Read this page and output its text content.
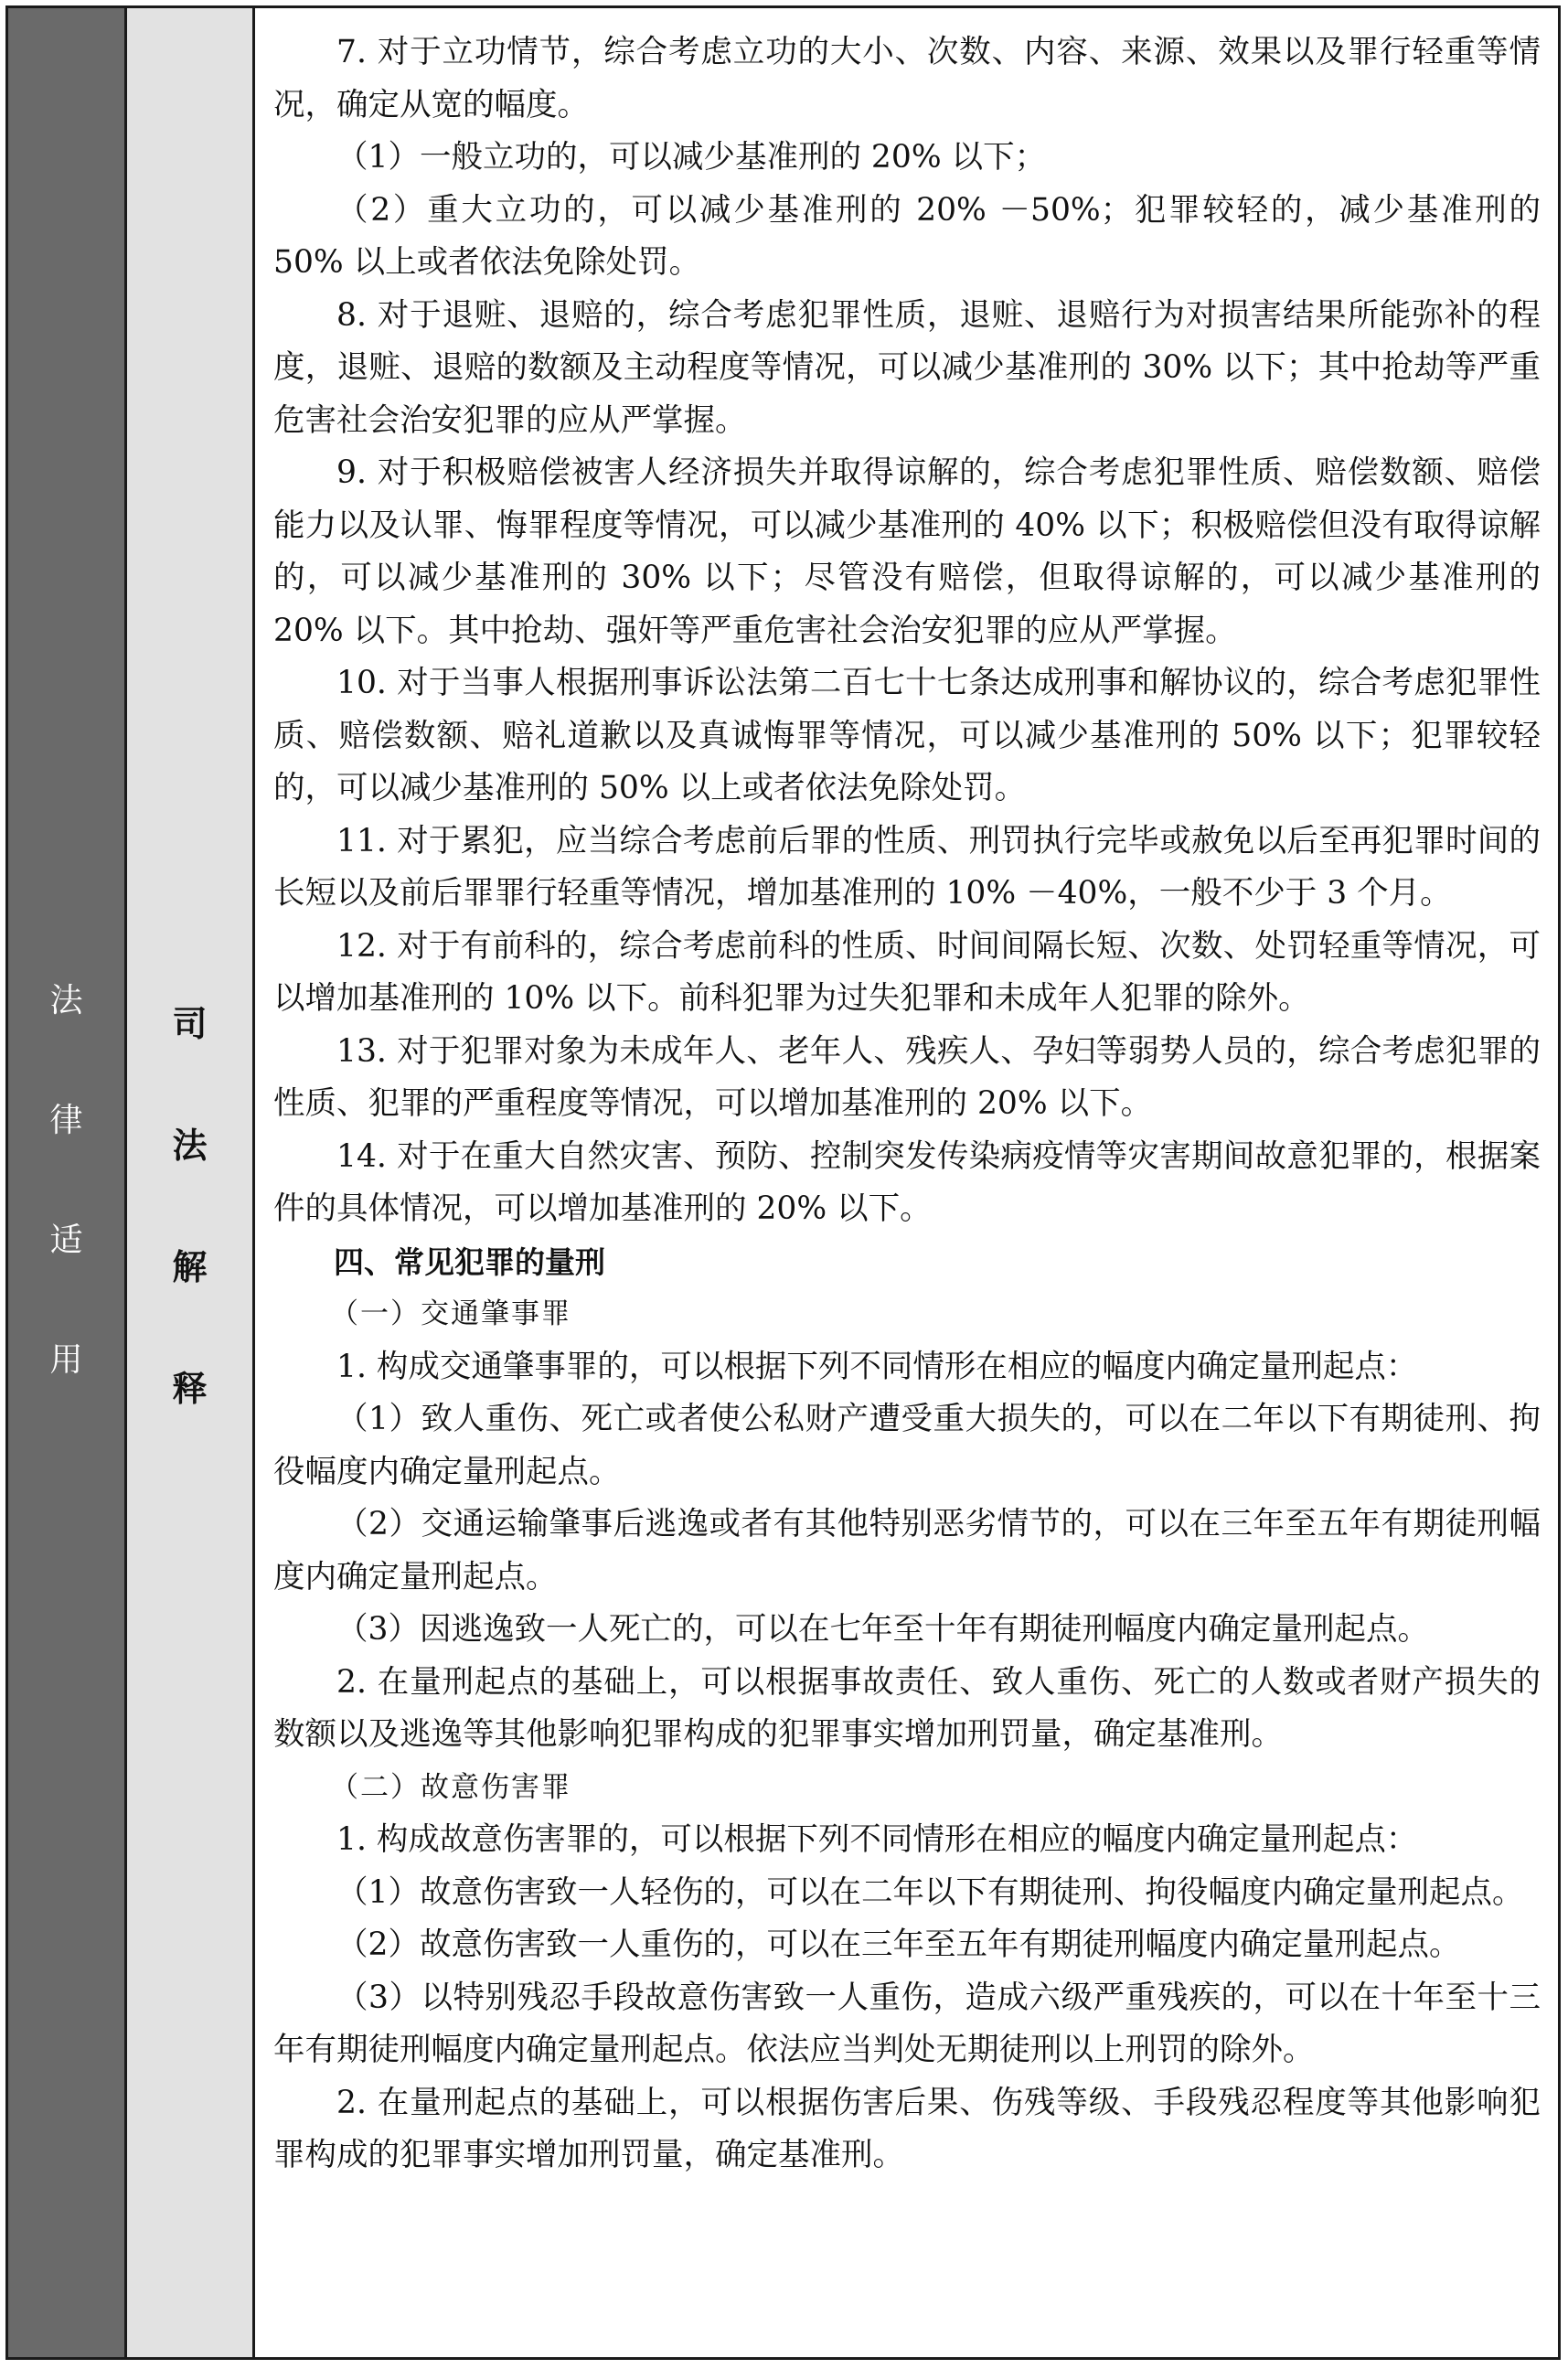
法
律
适
用
司
法
解
释

7. 对于立功情节，综合考虑立功的大小、次数、内容、来源、效果以及罪行轻重等情况，确定从宽的幅度。

（1）一般立功的，可以减少基准刑的 20% 以下；

（2）重大立功的，可以减少基准刑的 20% －50%；犯罪较轻的，减少基准刑的 50% 以上或者依法免除处罚。

8. 对于退赃、退赔的，综合考虑犯罪性质，退赃、退赔行为对损害结果所能弥补的程度，退赃、退赔的数额及主动程度等情况，可以减少基准刑的 30% 以下；其中抢劫等严重危害社会治安犯罪的应从严掌握。

9. 对于积极赔偿被害人经济损失并取得谅解的，综合考虑犯罪性质、赔偿数额、赔偿能力以及认罪、悔罪程度等情况，可以减少基准刑的 40% 以下；积极赔偿但没有取得谅解的，可以减少基准刑的 30% 以下；尽管没有赔偿，但取得谅解的，可以减少基准刑的 20% 以下。其中抢劫、强奸等严重危害社会治安犯罪的应从严掌握。

10. 对于当事人根据刑事诉讼法第二百七十七条达成刑事和解协议的，综合考虑犯罪性质、赔偿数额、赔礼道歉以及真诚悔罪等情况，可以减少基准刑的 50% 以下；犯罪较轻的，可以减少基准刑的 50% 以上或者依法免除处罚。

11. 对于累犯，应当综合考虑前后罪的性质、刑罚执行完毕或赦免以后至再犯罪时间的长短以及前后罪罪行轻重等情况，增加基准刑的 10% －40%，一般不少于 3 个月。

12. 对于有前科的，综合考虑前科的性质、时间间隔长短、次数、处罚轻重等情况，可以增加基准刑的 10% 以下。前科犯罪为过失犯罪和未成年人犯罪的除外。

13. 对于犯罪对象为未成年人、老年人、残疾人、孕妇等弱势人员的，综合考虑犯罪的性质、犯罪的严重程度等情况，可以增加基准刑的 20% 以下。

14. 对于在重大自然灾害、预防、控制突发传染病疫情等灾害期间故意犯罪的，根据案件的具体情况，可以增加基准刑的 20% 以下。

四、常见犯罪的量刑

（一）交通肇事罪

1. 构成交通肇事罪的，可以根据下列不同情形在相应的幅度内确定量刑起点：

（1）致人重伤、死亡或者使公私财产遭受重大损失的，可以在二年以下有期徒刑、拘役幅度内确定量刑起点。

（2）交通运输肇事后逃逸或者有其他特别恶劣情节的，可以在三年至五年有期徒刑幅度内确定量刑起点。

（3）因逃逸致一人死亡的，可以在七年至十年有期徒刑幅度内确定量刑起点。

2. 在量刑起点的基础上，可以根据事故责任、致人重伤、死亡的人数或者财产损失的数额以及逃逸等其他影响犯罪构成的犯罪事实增加刑罚量，确定基准刑。

（二）故意伤害罪

1. 构成故意伤害罪的，可以根据下列不同情形在相应的幅度内确定量刑起点：

（1）故意伤害致一人轻伤的，可以在二年以下有期徒刑、拘役幅度内确定量刑起点。

（2）故意伤害致一人重伤的，可以在三年至五年有期徒刑幅度内确定量刑起点。

（3）以特别残忍手段故意伤害致一人重伤，造成六级严重残疾的，可以在十年至十三年有期徒刑幅度内确定量刑起点。依法应当判处无期徒刑以上刑罚的除外。

2. 在量刑起点的基础上，可以根据伤害后果、伤残等级、手段残忍程度等其他影响犯罪构成的犯罪事实增加刑罚量，确定基准刑。
